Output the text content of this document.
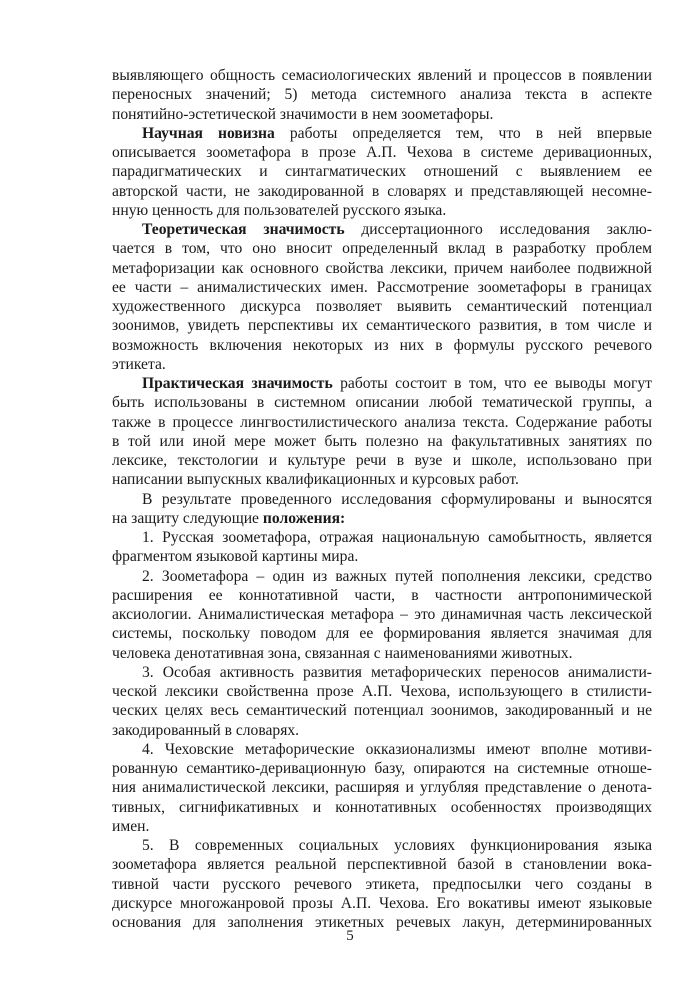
выявляющего общность семасиологических явлений и процессов в появлении
переносных значений; 5) метода системного анализа текста в аспекте
понятийно-эстетической значимости в нем зоометафоры.
Научная новизна работы определяется тем, что в ней впервые
описывается зоометафора в прозе А.П. Чехова в системе деривационных,
парадигматических и синтагматических отношений с выявлением ее
авторской части, не закодированной в словарях и представляющей несомне-
нную ценность для пользователей русского языка.
Теоретическая значимость диссертационного исследования заклю-
чается в том, что оно вносит определенный вклад в разработку проблем
метафоризации как основного свойства лексики, причем наиболее подвижной
ее части – анималистических имен. Рассмотрение зоометафоры в границах
художественного дискурса позволяет выявить семантический потенциал
зоонимов, увидеть перспективы их семантического развития, в том числе и
возможность включения некоторых из них в формулы русского речевого
этикета.
Практическая значимость работы состоит в том, что ее выводы могут
быть использованы в системном описании любой тематической группы, а
также в процессе лингвостилистического анализа текста. Содержание работы
в той или иной мере может быть полезно на факультативных занятиях по
лексике, текстологии и культуре речи в вузе и школе, использовано при
написании выпускных квалификационных и курсовых работ.
В результате проведенного исследования сформулированы и выносятся
на защиту следующие положения:
1. Русская зоометафора, отражая национальную самобытность, является
фрагментом языковой картины мира.
2. Зоометафора – один из важных путей пополнения лексики, средство
расширения ее коннотативной части, в частности антропонимической
аксиологии. Анималистическая метафора – это динамичная часть лексической
системы, поскольку поводом для ее формирования является значимая для
человека денотативная зона, связанная с наименованиями животных.
3. Особая активность развития метафорических переносов анималисти-
ческой лексики свойственна прозе А.П. Чехова, использующего в стилисти-
ческих целях весь семантический потенциал зоонимов, закодированный и не
закодированный в словарях.
4. Чеховские метафорические окказионализмы имеют вполне мотиви-
рованную семантико-деривационную базу, опираются на системные отноше-
ния анималистической лексики, расширяя и углубляя представление о денота-
тивных, сигнификативных и коннотативных особенностях производящих
имен.
5. В современных социальных условиях функционирования языка
зоометафора является реальной перспективной базой в становлении вока-
тивной части русского речевого этикета, предпосылки чего созданы в
дискурсе многожанровой прозы А.П. Чехова. Его вокативы имеют языковые
основания для заполнения этикетных речевых лакун, детерминированных
5
